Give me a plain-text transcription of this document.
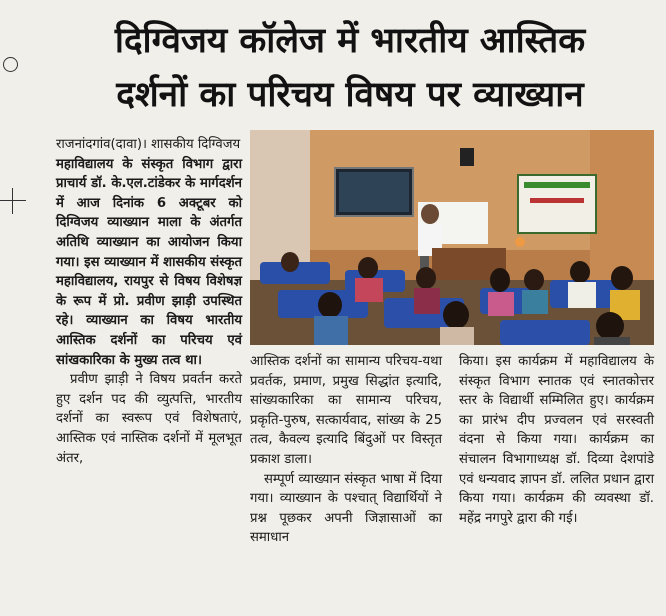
दिग्विजय कॉलेज में भारतीय आस्तिक
दर्शनों का परिचय विषय पर व्याख्यान

राजनांदगांव(दावा)। शासकीय दिग्विजय

महाविद्यालय के संस्कृत विभाग द्वारा प्राचार्य डॉ. के.एल.टांडेकर के मार्गदर्शन में आज दिनांक 6 अक्टूबर को दिग्विजय व्याख्यान माला के अंतर्गत अतिथि व्याख्यान का आयोजन किया गया। इस व्याख्यान में शासकीय संस्कृत महाविद्यालय, रायपुर से विषय विशेषज्ञ के रूप में प्रो. प्रवीण झाड़ी उपस्थित रहे। व्याख्यान का विषय भारतीय आस्तिक दर्शनों का परिचय एवं सांखकारिका के मुख्य तत्व था।

प्रवीण झाड़ी ने विषय प्रवर्तन करते हुए दर्शन पद की व्युत्पत्ति, भारतीय दर्शनों का स्वरूप एवं विशेषताएं, आस्तिक एवं नास्तिक दर्शनों में मूलभूत अंतर,

आस्तिक दर्शनों का सामान्य परिचय-यथा प्रवर्तक, प्रमाण, प्रमुख सिद्धांत इत्यादि, सांख्यकारिका का सामान्य परिचय, प्रकृति-पुरुष, सत्कार्यवाद, सांख्य के 25 तत्व, कैवल्य इत्यादि बिंदुओं पर विस्तृत प्रकाश डाला।

सम्पूर्ण व्याख्यान संस्कृत भाषा में दिया गया। व्याख्यान के पश्चात् विद्यार्थियों ने प्रश्न पूछकर अपनी जिज्ञासाओं का समाधान

किया। इस कार्यक्रम में महाविद्यालय के संस्कृत विभाग स्नातक एवं स्नातकोत्तर स्तर के विद्यार्थी सम्मिलित हुए। कार्यक्रम का प्रारंभ दीप प्रज्वलन एवं सरस्वती वंदना से किया गया। कार्यक्रम का संचालन विभागाध्यक्ष डॉ. दिव्या देशपांडे एवं धन्यवाद ज्ञापन डॉ. ललित प्रधान द्वारा किया गया। कार्यक्रम की व्यवस्था डॉ. महेंद्र नगपुरे द्वारा की गई।
